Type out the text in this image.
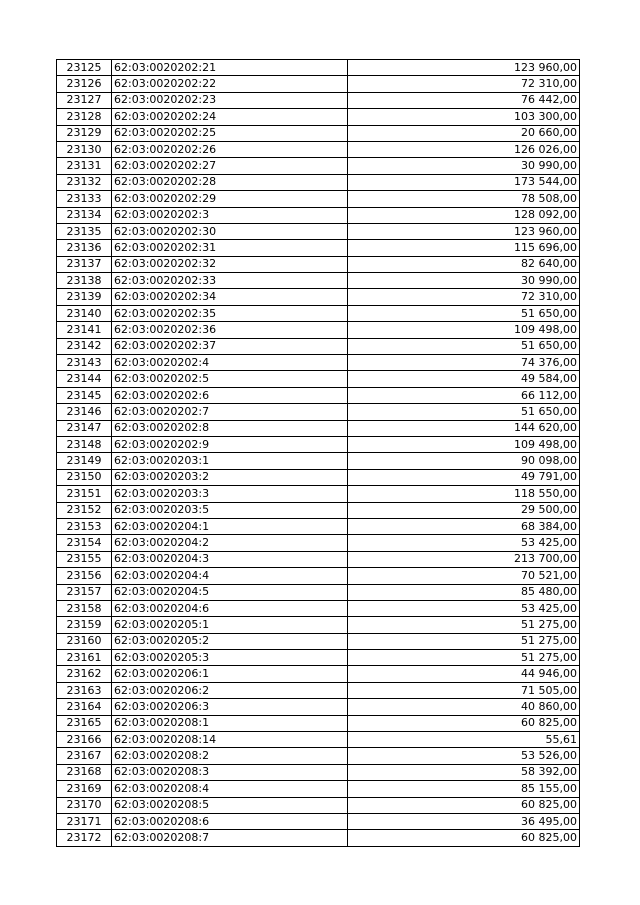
23125	62:03:0020202:21	123 960,00
23126	62:03:0020202:22	72 310,00
23127	62:03:0020202:23	76 442,00
23128	62:03:0020202:24	103 300,00
23129	62:03:0020202:25	20 660,00
23130	62:03:0020202:26	126 026,00
23131	62:03:0020202:27	30 990,00
23132	62:03:0020202:28	173 544,00
23133	62:03:0020202:29	78 508,00
23134	62:03:0020202:3	128 092,00
23135	62:03:0020202:30	123 960,00
23136	62:03:0020202:31	115 696,00
23137	62:03:0020202:32	82 640,00
23138	62:03:0020202:33	30 990,00
23139	62:03:0020202:34	72 310,00
23140	62:03:0020202:35	51 650,00
23141	62:03:0020202:36	109 498,00
23142	62:03:0020202:37	51 650,00
23143	62:03:0020202:4	74 376,00
23144	62:03:0020202:5	49 584,00
23145	62:03:0020202:6	66 112,00
23146	62:03:0020202:7	51 650,00
23147	62:03:0020202:8	144 620,00
23148	62:03:0020202:9	109 498,00
23149	62:03:0020203:1	90 098,00
23150	62:03:0020203:2	49 791,00
23151	62:03:0020203:3	118 550,00
23152	62:03:0020203:5	29 500,00
23153	62:03:0020204:1	68 384,00
23154	62:03:0020204:2	53 425,00
23155	62:03:0020204:3	213 700,00
23156	62:03:0020204:4	70 521,00
23157	62:03:0020204:5	85 480,00
23158	62:03:0020204:6	53 425,00
23159	62:03:0020205:1	51 275,00
23160	62:03:0020205:2	51 275,00
23161	62:03:0020205:3	51 275,00
23162	62:03:0020206:1	44 946,00
23163	62:03:0020206:2	71 505,00
23164	62:03:0020206:3	40 860,00
23165	62:03:0020208:1	60 825,00
23166	62:03:0020208:14	55,61
23167	62:03:0020208:2	53 526,00
23168	62:03:0020208:3	58 392,00
23169	62:03:0020208:4	85 155,00
23170	62:03:0020208:5	60 825,00
23171	62:03:0020208:6	36 495,00
23172	62:03:0020208:7	60 825,00
